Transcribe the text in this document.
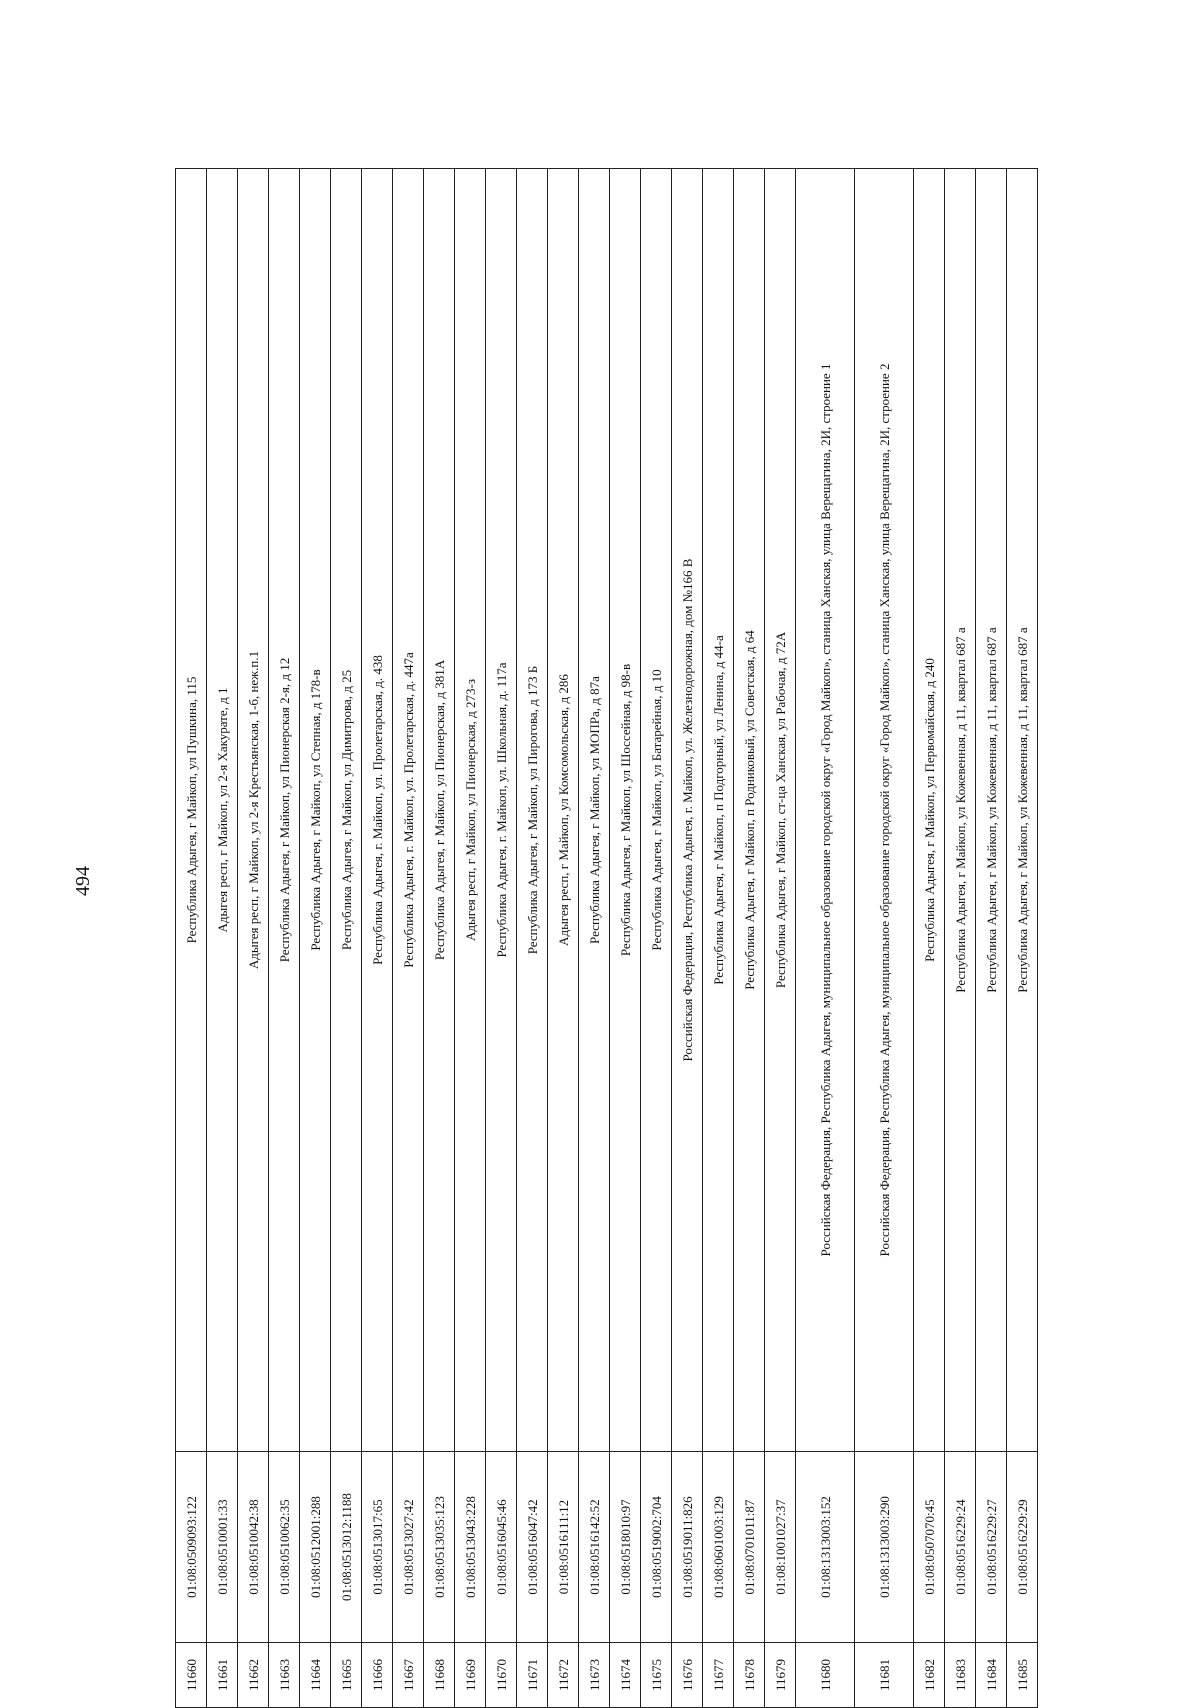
494
11660	01:08:0509093:122	Республика Адыгея, г Майкоп, ул Пушкина, 115
11661	01:08:0510001:33	Адыгея респ, г Майкоп, ул 2-я Хакурате, д 1
11662	01:08:0510042:38	Адыгея респ, г Майкоп, ул 2-я Крестьянская, 1-б, неж.п.1
11663	01:08:0510062:35	Республика Адыгея, г Майкоп, ул Пионерская 2-я, д 12
11664	01:08:0512001:288	Республика Адыгея, г Майкоп, ул Степная, д 178-в
11665	01:08:0513012:1188	Республика Адыгея, г Майкоп, ул Димитрова, д 25
11666	01:08:0513017:65	Республика Адыгея, г. Майкоп, ул. Пролетарская, д. 438
11667	01:08:0513027:42	Республика Адыгея, г. Майкоп, ул. Пролетарская, д. 447а
11668	01:08:0513035:123	Республика Адыгея, г Майкоп, ул Пионерская, д 381А
11669	01:08:0513043:228	Адыгея респ, г Майкоп, ул Пионерская, д 273-з
11670	01:08:0516045:46	Республика Адыгея, г. Майкоп, ул. Школьная, д. 117а
11671	01:08:0516047:42	Республика Адыгея, г Майкоп, ул Пирогова, д 173 Б
11672	01:08:0516111:12	Адыгея респ, г Майкоп, ул Комсомольская, д 286
11673	01:08:0516142:52	Республика Адыгея, г Майкоп, ул МОПРа, д 87а
11674	01:08:0518010:97	Республика Адыгея, г Майкоп, ул Шоссейная, д 98-в
11675	01:08:0519002:704	Республика Адыгея, г Майкоп, ул Батарейная, д 10
11676	01:08:0519011:826	Российская Федерация, Республика Адыгея, г. Майкоп, ул. Железнодорожная, дом №166 В
11677	01:08:0601003:129	Республика Адыгея, г Майкоп, п Подгорный, ул Ленина, д 44-а
11678	01:08:0701011:87	Республика Адыгея, г Майкоп, п Родниковый, ул Советская, д 64
11679	01:08:1001027:37	Республика Адыгея, г Майкоп, ст-ца Ханская, ул Рабочая, д 72А
11680	01:08:1313003:152	Российская Федерация, Республика Адыгея, муниципальное образование городской округ «Город Майкоп», станица Ханская, улица Верещагина, 2И, строение 1
11681	01:08:1313003:290	Российская Федерация, Республика Адыгея, муниципальное образование городской округ «Город Майкоп», станица Ханская, улица Верещагина, 2И, строение 2
11682	01:08:0507070:45	Республика Адыгея, г Майкоп, ул Первомайская, д 240
11683	01:08:0516229:24	Республика Адыгея, г Майкоп, ул Кожевенная, д 11, квартал 687 а
11684	01:08:0516229:27	Республика Адыгея, г Майкоп, ул Кожевенная, д 11, квартал 687 а
11685	01:08:0516229:29	Республика Адыгея, г Майкоп, ул Кожевенная, д 11, квартал 687 а
